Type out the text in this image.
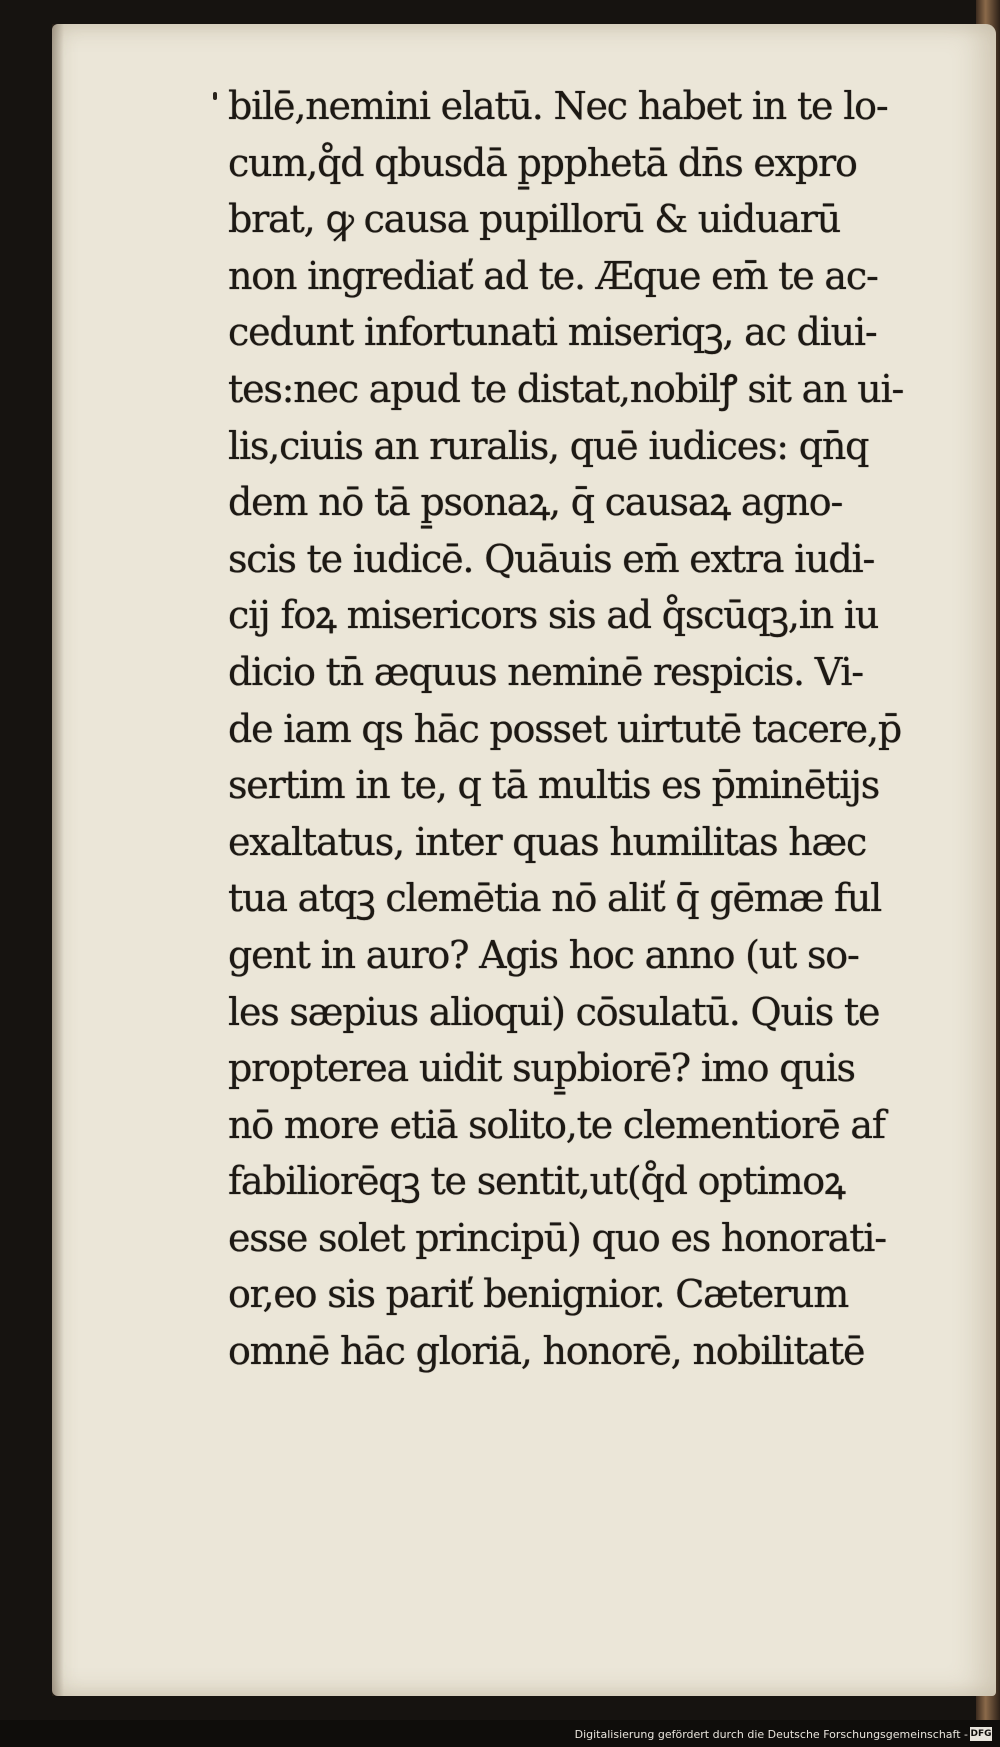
bilē,nemini elatū. Nec habet in te lo-
cum,q̊d qbusdā p̱pphetā dn̄s expro
brat, ꝙ causa pupillorū & uiduarū
non ingrediať ad te. Æque em̄ te ac-
cedunt infortunati miseriqꝫ, ac diui-
tes:nec apud te distat,nobilꝭ sit an ui-
lis,ciuis an ruralis, quē iudices: qn̄q
dem nō tā p̱sonaꝝ, q̄ causaꝝ agno-
scis te iudicē. Quāuis em̄ extra iudi-
cij foꝝ misericors sis ad q̊scūqꝫ,in iu
dicio tn̄ æquus neminē respicis. Vi-
de iam qs hāc posset uirtutē tacere,p̄
sertim in te, q tā multis es p̄minētijs
exaltatus, inter quas humilitas hæc
tua atqꝫ clemētia nō aliť q̄ gēmæ ful
gent in auro? Agis hoc anno (ut so-
les sæpius alioqui) cōsulatū. Quis te
propterea uidit sup̱biorē? imo quis
nō more etiā solito,te clementiorē af
fabiliorēqꝫ te sentit,ut(q̊d optimoꝝ
esse solet principū) quo es honorati-
or,eo sis pariť benignior. Cæterum
omnē hāc gloriā, honorē, nobilitatē
Digitalisierung gefördert durch die Deutsche Forschungsgemeinschaft - DFG
